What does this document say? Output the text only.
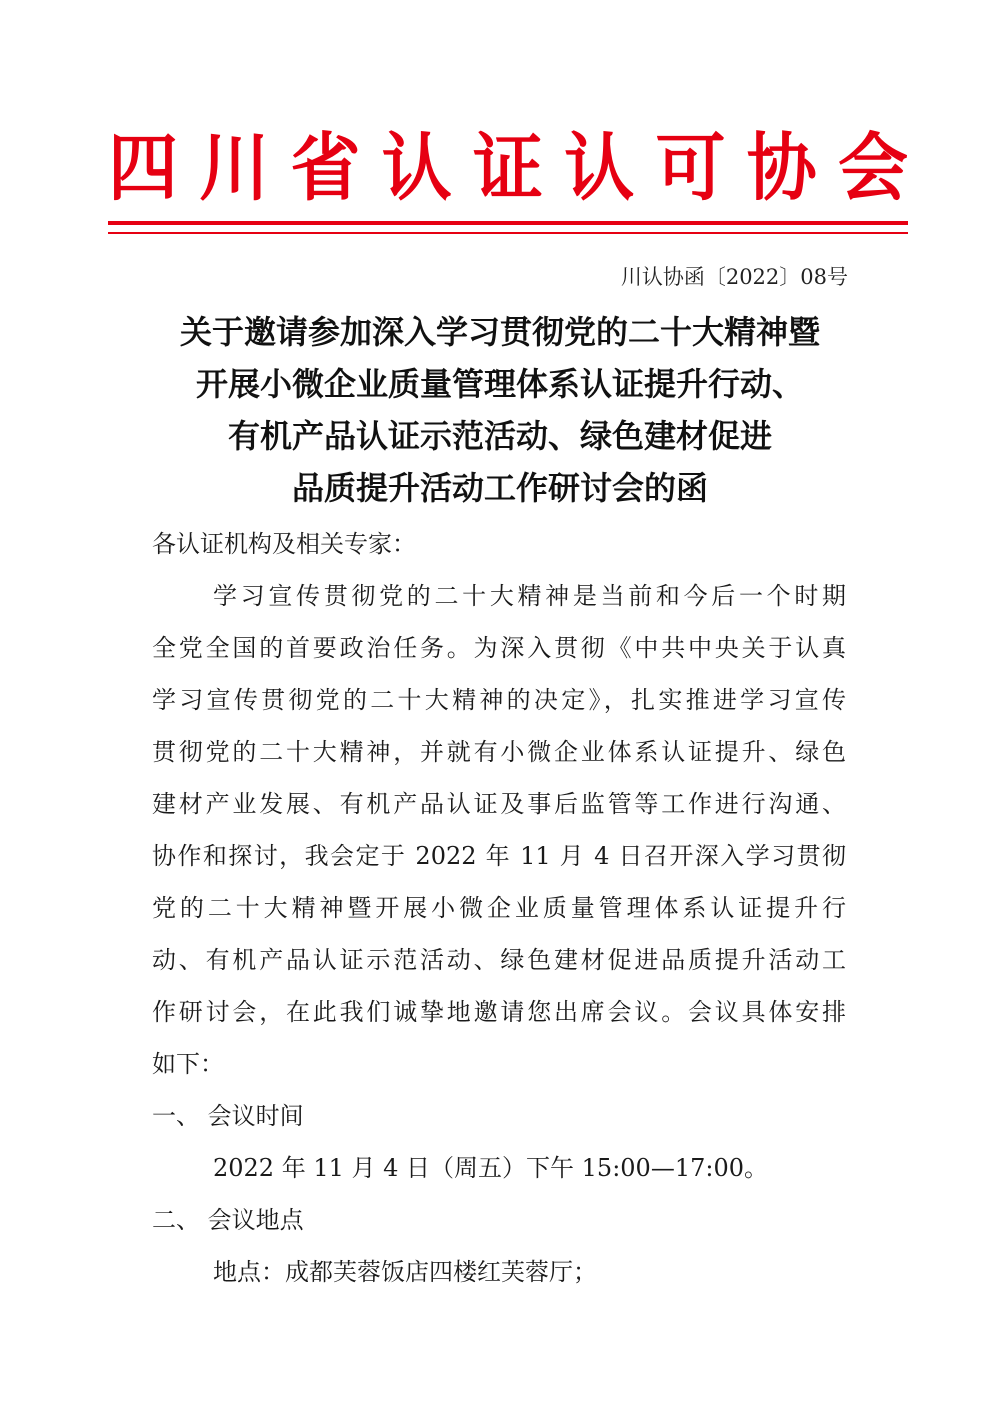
四 川 省 认 证 认 可 协 会
川认协函〔2022〕08号
关于邀请参加深入学习贯彻党的二十大精神暨
开展小微企业质量管理体系认证提升行动、
有机产品认证示范活动、绿色建材促进
品质提升活动工作研讨会的函
各认证机构及相关专家：
学习宣传贯彻党的二十大精神是当前和今后一个时期
全党全国的首要政治任务。为深入贯彻《中共中央关于认真
学习宣传贯彻党的二十大精神的决定》，扎实推进学习宣传
贯彻党的二十大精神，并就有小微企业体系认证提升、绿色
建材产业发展、有机产品认证及事后监管等工作进行沟通、
协作和探讨，我会定于 2022 年 11 月 4 日召开深入学习贯彻
党的二十大精神暨开展小微企业质量管理体系认证提升行
动、有机产品认证示范活动、绿色建材促进品质提升活动工
作研讨会，在此我们诚挚地邀请您出席会议。会议具体安排
如下：
一、 会议时间
2022 年 11 月 4 日（周五）下午 15:00—17:00。
二、 会议地点
地点：成都芙蓉饭店四楼红芙蓉厅；
